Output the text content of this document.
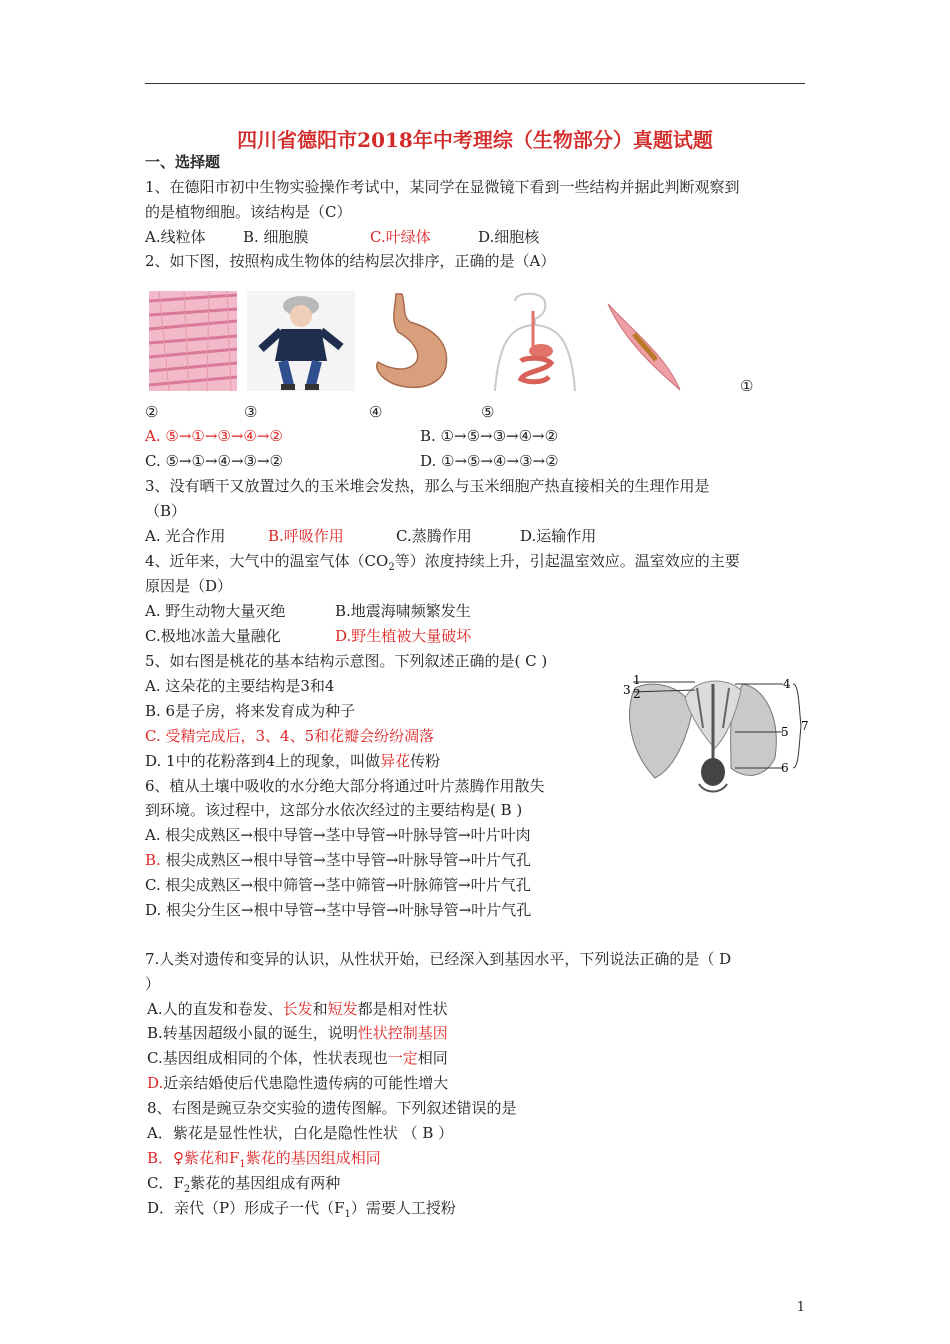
四川省德阳市2018年中考理综（生物部分）真题试题
一、选择题
1、在德阳市初中生物实验操作考试中，某同学在显微镜下看到一些结构并据此判断观察到
的是植物细胞。该结构是（C）
A.线粒体 B. 细胞膜	C.叶绿体	D.细胞核
2、如下图，按照构成生物体的结构层次排序，正确的是（A）
①
②	③	④	⑤
A. ⑤→①→③→④→②	B. ①→⑤→③→④→②
C. ⑤→①→④→③→②	D. ①→⑤→④→③→②
3、没有晒干又放置过久的玉米堆会发热，那么与玉米细胞产热直接相关的生理作用是
（B）
A. 光合作用	B.呼吸作用	C.蒸腾作用	D.运输作用
4、近年来，大气中的温室气体（$CO_2$等）浓度持续上升，引起温室效应。温室效应的主要
原因是（D）
A. 野生动物大量灭绝	B.地震海啸频繁发生
C.极地冰盖大量融化	D.野生植被大量破坏
5、如右图是桃花的基本结构示意图。下列叙述正确的是( C )
A. 这朵花的主要结构是3和4
B. 6是子房，将来发育成为种子
C. 受精完成后，3、4、5和花瓣会纷纷凋落
D. 1中的花粉落到4上的现象，叫做异花传粉
3
1
2
4
5
6
7
6、植从土壤中吸收的水分绝大部分将通过叶片蒸腾作用散失
到环境。该过程中，这部分水依次经过的主要结构是( B )
A. 根尖成熟区→根中导管→茎中导管→叶脉导管→叶片叶肉
B. 根尖成熟区→根中导管→茎中导管→叶脉导管→叶片气孔
C. 根尖成熟区→根中筛管→茎中筛管→叶脉筛管→叶片气孔
D. 根尖分生区→根中导管→茎中导管→叶脉导管→叶片气孔
7.人类对遗传和变异的认识，从性状开始，已经深入到基因水平，下列说法正确的是（ D
）
A.人的直发和卷发、长发和短发都是相对性状
B.转基因超级小鼠的诞生，说明性状控制基因
C.基因组成相同的个体，性状表现也一定相同
D.近亲结婚使后代患隐性遗传病的可能性增大
8、右图是豌豆杂交实验的遗传图解。下列叙述错误的是
A．紫花是显性性状，白化是隐性性状 （ B ）
B．♀紫花和$F_1$紫花的基因组成相同
C．$F_2$紫花的基因组成有两种
D．亲代（P）形成子一代$(F_1)$需要人工授粉
1
